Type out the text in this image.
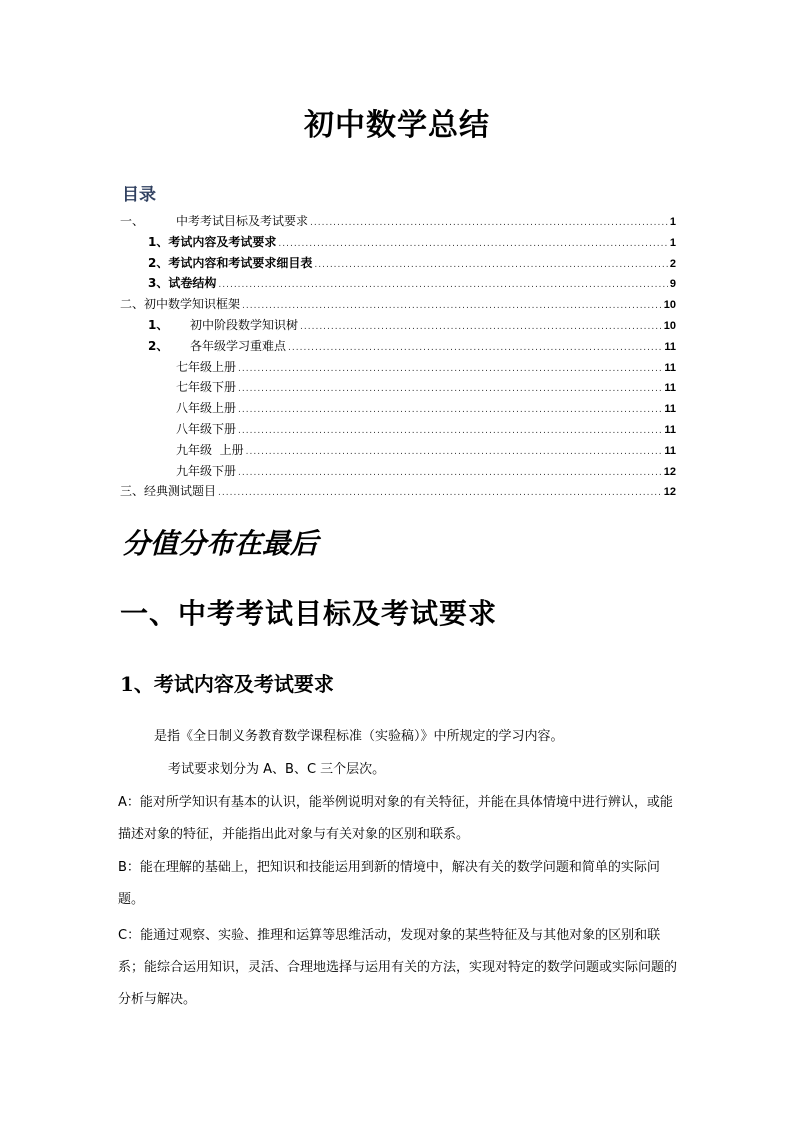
初中数学总结
目录
一、	中考考试目标及考试要求 .....	1
1、 考试内容及考试要求 .....	1
2、 考试内容和考试要求细目表 .....	2
3、 试卷结构 .....	9
二、 初中数学知识框架 .....	10
1、	初中阶段数学知识树 .....	10
2、	各年级学习重难点 .....	11
七年级上册 .....	11
七年级下册 .....	11
八年级上册 .....	11
八年级下册 .....	11
九年级  上册 .....	11
九年级下册 .....	12
三、 经典测试题目 .....	12
分值分布在最后
一、中考考试目标及考试要求
1、考试内容及考试要求

是指《全日制义务教育数学课程标准（实验稿）》中所规定的学习内容。

考试要求划分为 A、B、C 三个层次。

A：能对所学知识有基本的认识，能举例说明对象的有关特征，并能在具体情境中进行辨认，或能描述对象的特征，并能指出此对象与有关对象的区别和联系。

B：能在理解的基础上，把知识和技能运用到新的情境中，解决有关的数学问题和简单的实际问题。

C：能通过观察、实验、推理和运算等思维活动，发现对象的某些特征及与其他对象的区别和联系；能综合运用知识，灵活、合理地选择与运用有关的方法，实现对特定的数学问题或实际问题的分析与解决。
